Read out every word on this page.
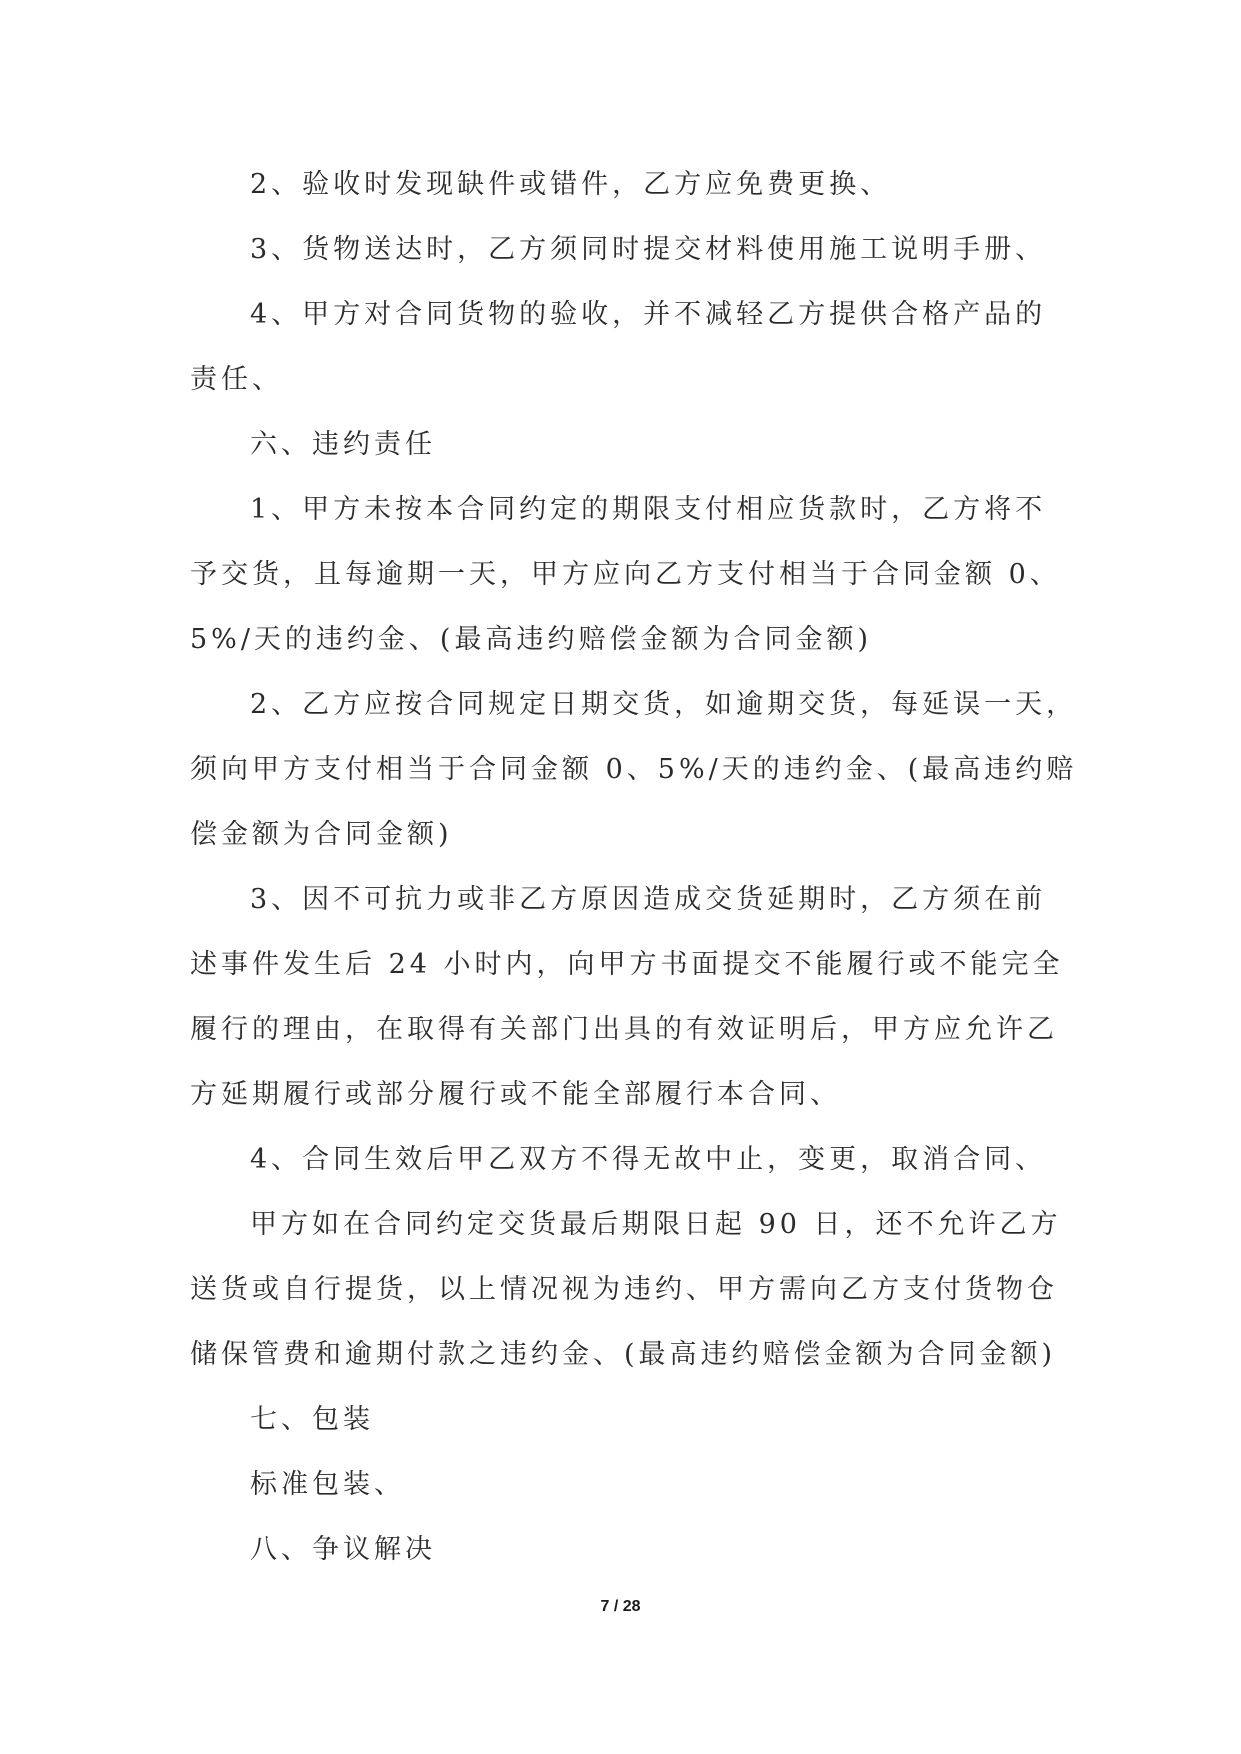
2、验收时发现缺件或错件，乙方应免费更换、
3、货物送达时，乙方须同时提交材料使用施工说明手册、
4、甲方对合同货物的验收，并不减轻乙方提供合格产品的
责任、
六、违约责任
1、甲方未按本合同约定的期限支付相应货款时，乙方将不
予交货，且每逾期一天，甲方应向乙方支付相当于合同金额 0、
5%/天的违约金、(最高违约赔偿金额为合同金额)
2、乙方应按合同规定日期交货，如逾期交货，每延误一天，
须向甲方支付相当于合同金额 0、5%/天的违约金、(最高违约赔
偿金额为合同金额)
3、因不可抗力或非乙方原因造成交货延期时，乙方须在前
述事件发生后 24 小时内，向甲方书面提交不能履行或不能完全
履行的理由，在取得有关部门出具的有效证明后，甲方应允许乙
方延期履行或部分履行或不能全部履行本合同、
4、合同生效后甲乙双方不得无故中止，变更，取消合同、
甲方如在合同约定交货最后期限日起 90 日，还不允许乙方
送货或自行提货，以上情况视为违约、甲方需向乙方支付货物仓
储保管费和逾期付款之违约金、(最高违约赔偿金额为合同金额)
七、包装
标准包装、
八、争议解决
7 / 28
